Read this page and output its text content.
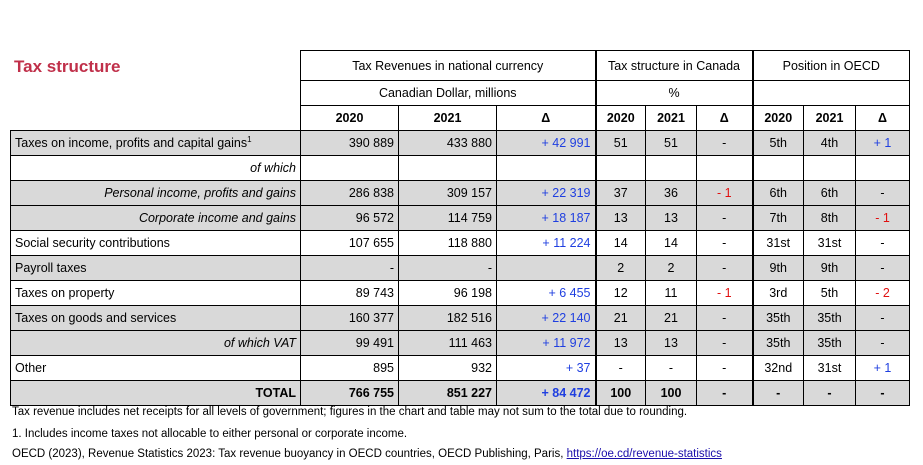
Tax structure
		Tax Revenues in national currency			Tax structure in Canada			Position in OECD		
	Canadian Dollar, millions			%					
	2020	2021	Δ	2020	2021	Δ	2020	2021	Δ
Taxes on income, profits and capital gains$^1$	390 889	433 880	+ 42 991	51	51	-	5th	4th	+ 1
of which									
Personal income, profits and gains	286 838	309 157	+ 22 319	37	36	- 1	6th	6th	-
Corporate income and gains	96 572	114 759	+ 18 187	13	13	-	7th	8th	- 1
Social security contributions	107 655	118 880	+ 11 224	14	14	-	31st	31st	-
Payroll taxes	-	-		2	2	-	9th	9th	-
Taxes on property	89 743	96 198	+ 6 455	12	11	- 1	3rd	5th	- 2
Taxes on goods and services	160 377	182 516	+ 22 140	21	21	-	35th	35th	-
of which VAT	99 491	111 463	+ 11 972	13	13	-	35th	35th	-
Other	895	932	+ 37	-	-	-	32nd	31st	+ 1
TOTAL	766 755	851 227	+ 84 472	100	100	-	-	-	-
Tax revenue includes net receipts for all levels of government; figures in the chart and table may not sum to the total due to rounding.
1. Includes income taxes not allocable to either personal or corporate income.
OECD (2023), Revenue Statistics 2023: Tax revenue buoyancy in OECD countries, OECD Publishing, Paris, https://oe.cd/revenue-statistics
